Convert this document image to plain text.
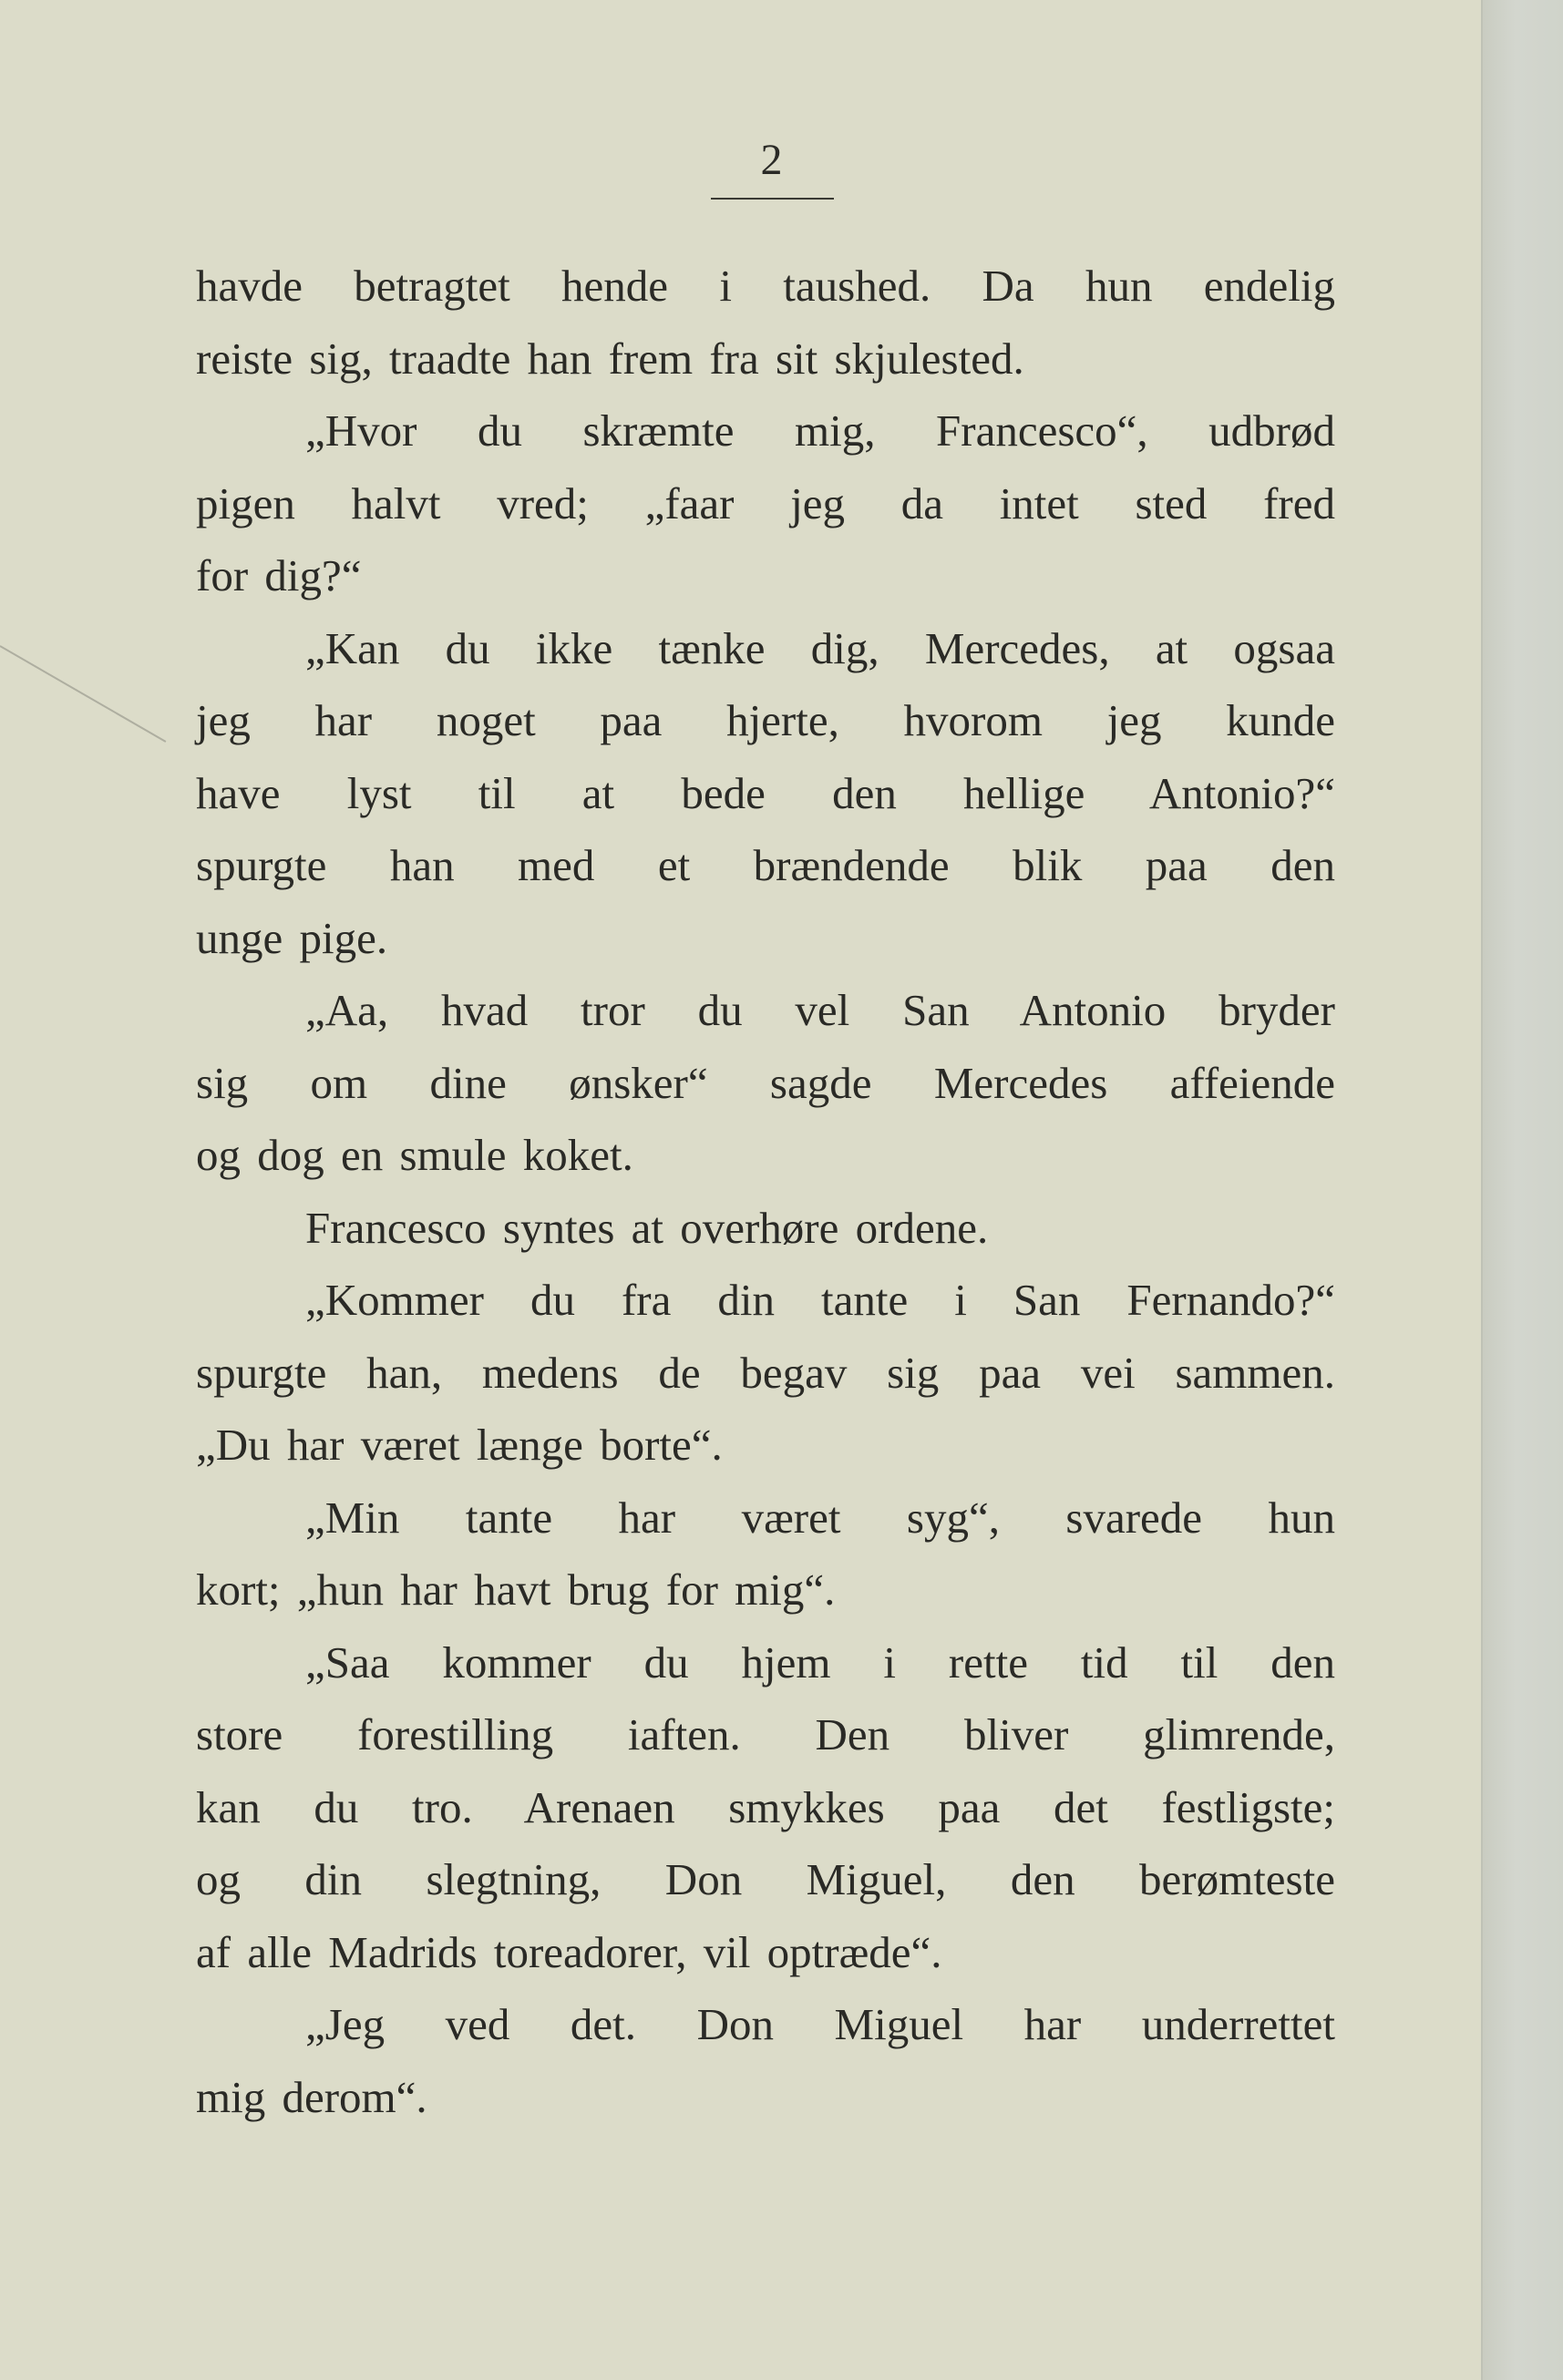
2
havde betragtet hende i taushed. Da hun endelig
reiste sig, traadte han frem fra sit skjulested.
„Hvor du skræmte mig, Francesco“, udbrød
pigen halvt vred; „faar jeg da intet sted fred
for dig?“
„Kan du ikke tænke dig, Mercedes, at ogsaa
jeg har noget paa hjerte, hvorom jeg kunde
have lyst til at bede den hellige Antonio?“
spurgte han med et brændende blik paa den
unge pige.
„Aa, hvad tror du vel San Antonio bryder
sig om dine ønsker“ sagde Mercedes affeiende
og dog en smule koket.
Francesco syntes at overhøre ordene.
„Kommer du fra din tante i San Fernando?“
spurgte han, medens de begav sig paa vei sammen.
„Du har været længe borte“.
„Min tante har været syg“, svarede hun
kort; „hun har havt brug for mig“.
„Saa kommer du hjem i rette tid til den
store forestilling iaften. Den bliver glimrende,
kan du tro. Arenaen smykkes paa det festligste;
og din slegtning, Don Miguel, den berømteste
af alle Madrids toreadorer, vil optræde“.
„Jeg ved det. Don Miguel har underrettet
mig derom“.
